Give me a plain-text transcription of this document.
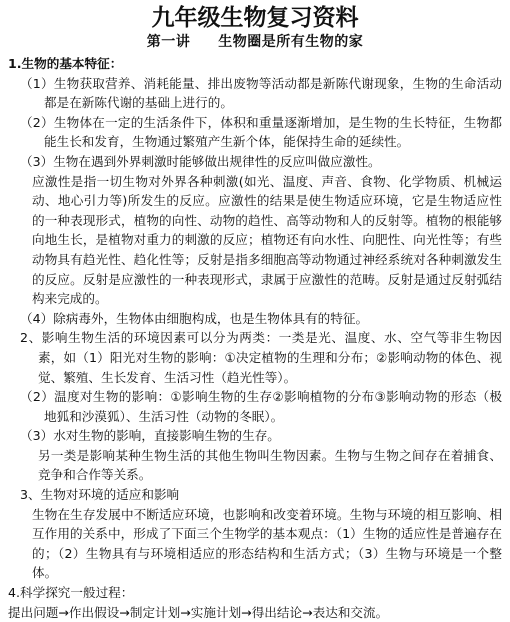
九年级生物复习资料
第一讲 生物圈是所有生物的家

1.生物的基本特征：

（1）生物获取营养、消耗能量、排出废物等活动都是新陈代谢现象，生物的生命活动都是在新陈代谢的基础上进行的。

（2）生物体在一定的生活条件下，体积和重量逐渐增加，是生物的生长特征，生物都能生长和发育，生物通过繁殖产生新个体，能保持生命的延续性。

（3）生物在遇到外界刺激时能够做出规律性的反应叫做应激性。

应激性是指一切生物对外界各种刺激(如光、温度、声音、食物、化学物质、机械运动、地心引力等)所发生的反应。应激性的结果是使生物适应环境，它是生物适应性的一种表现形式，植物的向性、动物的趋性、高等动物和人的反射等。植物的根能够向地生长，是植物对重力的刺激的反应；植物还有向水性、向肥性、向光性等；有些动物具有趋光性、趋化性等；反射是指多细胞高等动物通过神经系统对各种刺激发生的反应。反射是应激性的一种表现形式，隶属于应激性的范畴。反射是通过反射弧结构来完成的。

（4）除病毒外，生物体由细胞构成，也是生物体具有的特征。

2、影响生物生活的环境因素可以分为两类：一类是光、温度、水、空气等非生物因素，如（1）阳光对生物的影响：①决定植物的生理和分布；②影响动物的体色、视觉、繁殖、生长发育、生活习性（趋光性等）。

（2）温度对生物的影响：①影响生物的生存②影响植物的分布③影响动物的形态（极地狐和沙漠狐）、生活习性（动物的冬眠）。

（3）水对生物的影响，直接影响生物的生存。

另一类是影响某种生物生活的其他生物叫生物因素。生物与生物之间存在着捕食、竞争和合作等关系。

3、生物对环境的适应和影响

生物在生存发展中不断适应环境，也影响和改变着环境。生物与环境的相互影响、相互作用的关系中，形成了下面三个生物学的基本观点：（1）生物的适应性是普遍存在的；（2）生物具有与环境相适应的形态结构和生活方式；（3）生物与环境是一个整体。

4.科学探究一般过程：

提出问题→作出假设→制定计划→实施计划→得出结论→表达和交流。
